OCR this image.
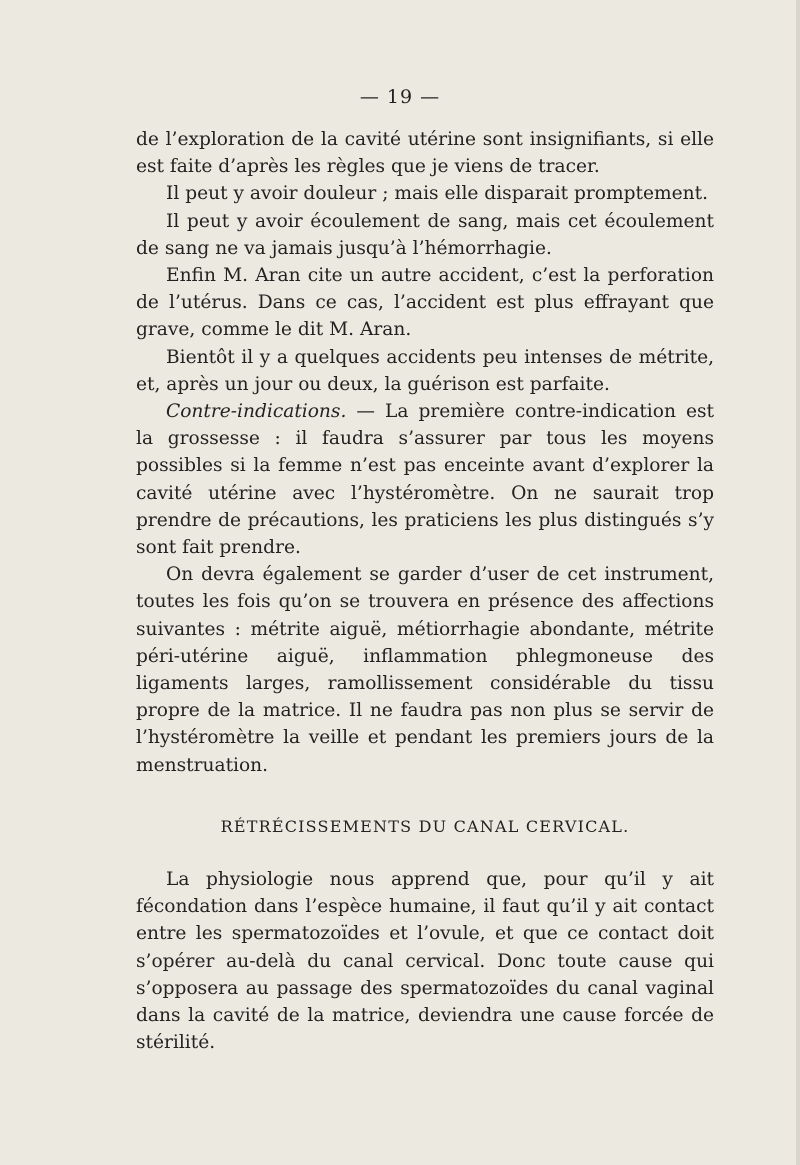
— 19 —

de l’exploration de la cavité utérine sont insignifiants, si elle est faite d’après les règles que je viens de tracer.

Il peut y avoir douleur ; mais elle disparait promptement.

Il peut y avoir écoulement de sang, mais cet écoulement de sang ne va jamais jusqu’à l’hémorrhagie.

Enfin M. Aran cite un autre accident, c’est la perforation de l’utérus. Dans ce cas, l’accident est plus effrayant que grave, comme le dit M. Aran.

Bientôt il y a quelques accidents peu intenses de métrite, et, après un jour ou deux, la guérison est parfaite.

Contre-indications. — La première contre-indication est la grossesse : il faudra s’assurer par tous les moyens possibles si la femme n’est pas enceinte avant d’explorer la cavité utérine avec l’hystéromètre. On ne saurait trop prendre de précautions, les praticiens les plus distingués s’y sont fait prendre.

On devra également se garder d’user de cet instrument, toutes les fois qu’on se trouvera en présence des affections suivantes : métrite aiguë, métiorrhagie abondante, métrite péri-utérine aiguë, inflammation phlegmoneuse des ligaments larges, ramollissement considérable du tissu propre de la matrice. Il ne faudra pas non plus se servir de l’hystéromètre la veille et pendant les premiers jours de la menstruation.

RÉTRÉCISSEMENTS DU CANAL CERVICAL.

La physiologie nous apprend que, pour qu’il y ait fécondation dans l’espèce humaine, il faut qu’il y ait contact entre les spermatozoïdes et l’ovule, et que ce contact doit s’opérer au-delà du canal cervical. Donc toute cause qui s’opposera au passage des spermatozoïdes du canal vaginal dans la cavité de la matrice, deviendra une cause forcée de stérilité.
